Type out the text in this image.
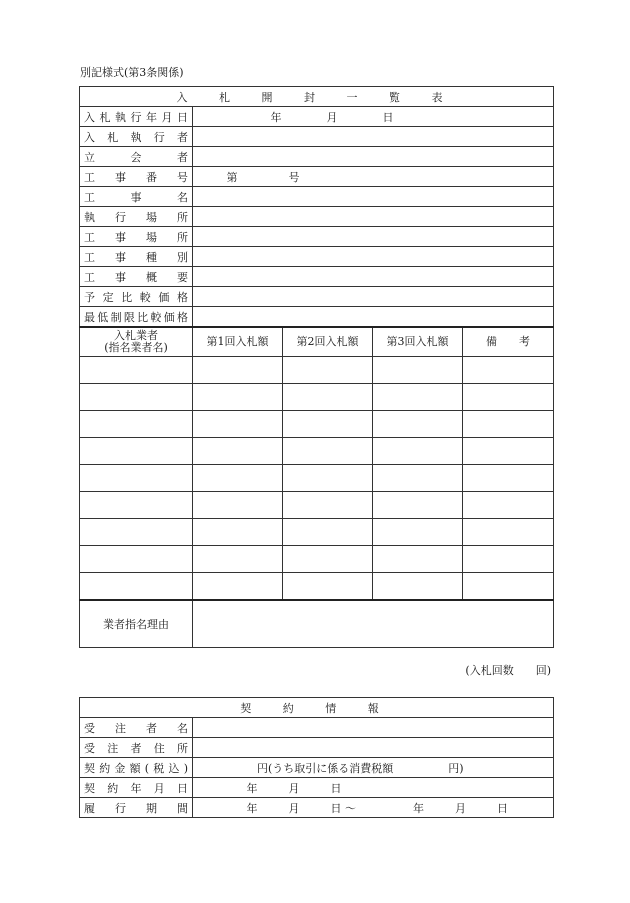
別記様式(第3条関係)
入 札 開 封 一 覧 表				
入札執行年月日	年 月 日			
入札執行者				
立会者				
工事番号	第 号			
工事名				
執行場所				
工事場所				
工事種別				
工事概要				
予定比較価格				
最低制限比較価格				

入札業者
(指名業者名)	第1回入札額	第2回入札額	第3回入札額	備　　考

業者指名理由				
(入札回数　　回)
契 約 情 報	
受注者名	
受注者住所	
契約金額(税込)	円(うち取引に係る消費税額　　　　　円)
契約年月日	年 月 日
履行期間	年 月 日 〜 年 月 日
